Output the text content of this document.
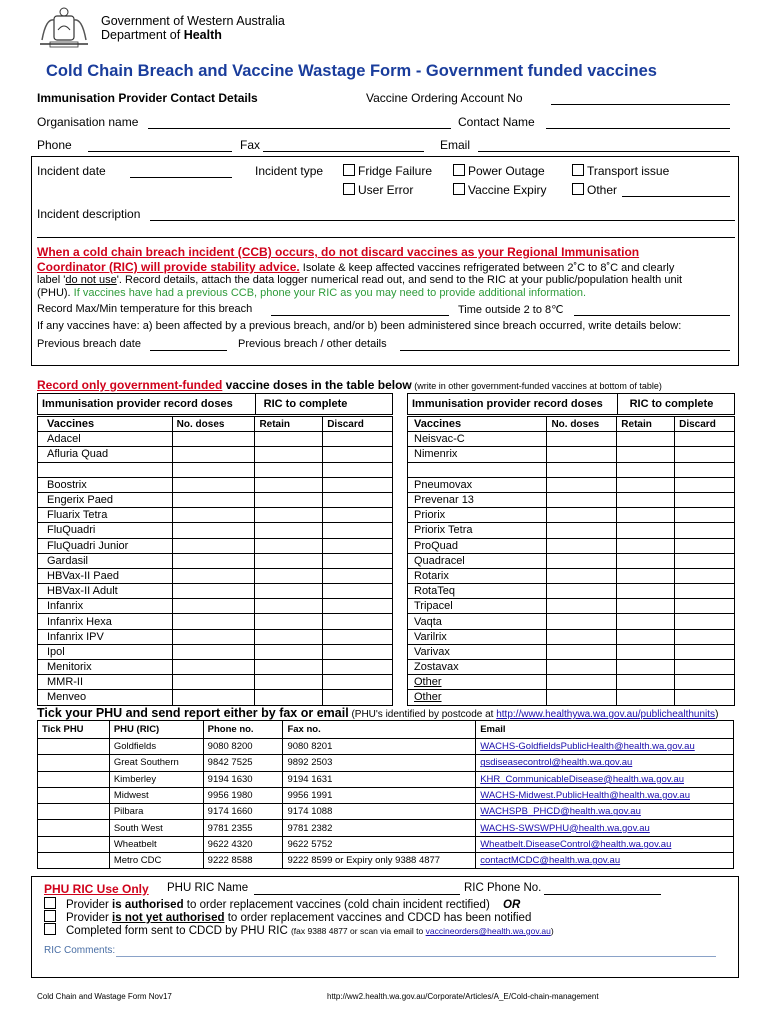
Government of Western Australia
Department of Health
Cold Chain Breach and Vaccine Wastage Form - Government funded vaccines
Immunisation Provider Contact Details	Vaccine Ordering Account No
Organisation name	Contact Name
Phone	Fax	Email
Incident date	Incident type	Fridge Failure	Power Outage	Transport issue
User Error	Vaccine Expiry	Other
Incident description
When a cold chain breach incident (CCB) occurs, do not discard vaccines as your Regional Immunisation
Coordinator (RIC) will provide stability advice. Isolate & keep affected vaccines refrigerated between 2˚C to 8˚C and clearly
label 'do not use'. Record details, attach the data logger numerical read out, and send to the RIC at your public/population health unit
(PHU). If vaccines have had a previous CCB, phone your RIC as you may need to provide additional information.
Record Max/Min temperature for this breach	Time outside 2 to 8℃
If any vaccines have: a) been affected by a previous breach, and/or b) been administered since breach occurred, write details below:
Previous breach date	Previous breach / other details
Record only government-funded vaccine doses in the table below (write in other government-funded vaccines at bottom of table)
Immunisation provider record doses	RIC to complete
Vaccines	No. doses	Retain	Discard
Adacel			
Afluria Quad			

Boostrix			
Engerix Paed			
Fluarix Tetra			
FluQuadri			
FluQuadri Junior			
Gardasil			
HBVax-II Paed			
HBVax-II Adult			
Infanrix			
Infanrix Hexa			
Infanrix IPV			
Ipol			
Menitorix			
MMR-II			
Menveo			
Immunisation provider record doses	RIC to complete
Vaccines	No. doses	Retain	Discard
Neisvac-C			
Nimenrix			

Pneumovax			
Prevenar 13			
Priorix			
Priorix Tetra			
ProQuad			
Quadracel			
Rotarix			
RotaTeq			
Tripacel			
Vaqta			
Varilrix			
Varivax			
Zostavax			
Other			
Other			
Tick your PHU and send report either by fax or email (PHU's identified by postcode at http://www.healthywa.wa.gov.au/publichealthunits)
Tick PHU	PHU (RIC)	Phone no.	Fax no.	Email
	Goldfields	9080 8200	9080 8201	WACHS-GoldfieldsPublicHealth@health.wa.gov.au
	Great Southern	9842 7525	9892 2503	gsdiseasecontrol@health.wa.gov.au
	Kimberley	9194 1630	9194 1631	KHR_CommunicableDisease@health.wa.gov.au
	Midwest	9956 1980	9956 1991	WACHS-Midwest.PublicHealth@health.wa.gov.au
	Pilbara	9174 1660	9174 1088	WACHSPB_PHCD@health.wa.gov.au
	South West	9781 2355	9781 2382	WACHS-SWSWPHU@health.wa.gov.au
	Wheatbelt	9622 4320	9622 5752	Wheatbelt.DiseaseControl@health.wa.gov.au
	Metro CDC	9222 8588	9222 8599 or Expiry only 9388 4877	contactMCDC@health.wa.gov.au
PHU RIC Use Only PHU RIC Name	RIC Phone No.
Provider is authorised to order replacement vaccines (cold chain incident rectified) OR
Provider is not yet authorised to order replacement vaccines and CDCD has been notified
Completed form sent to CDCD by PHU RIC (fax 9388 4877 or scan via email to vaccineorders@health.wa.gov.au)
RIC Comments:
Cold Chain and Wastage Form Nov17	http://ww2.health.wa.gov.au/Corporate/Articles/A_E/Cold-chain-management
